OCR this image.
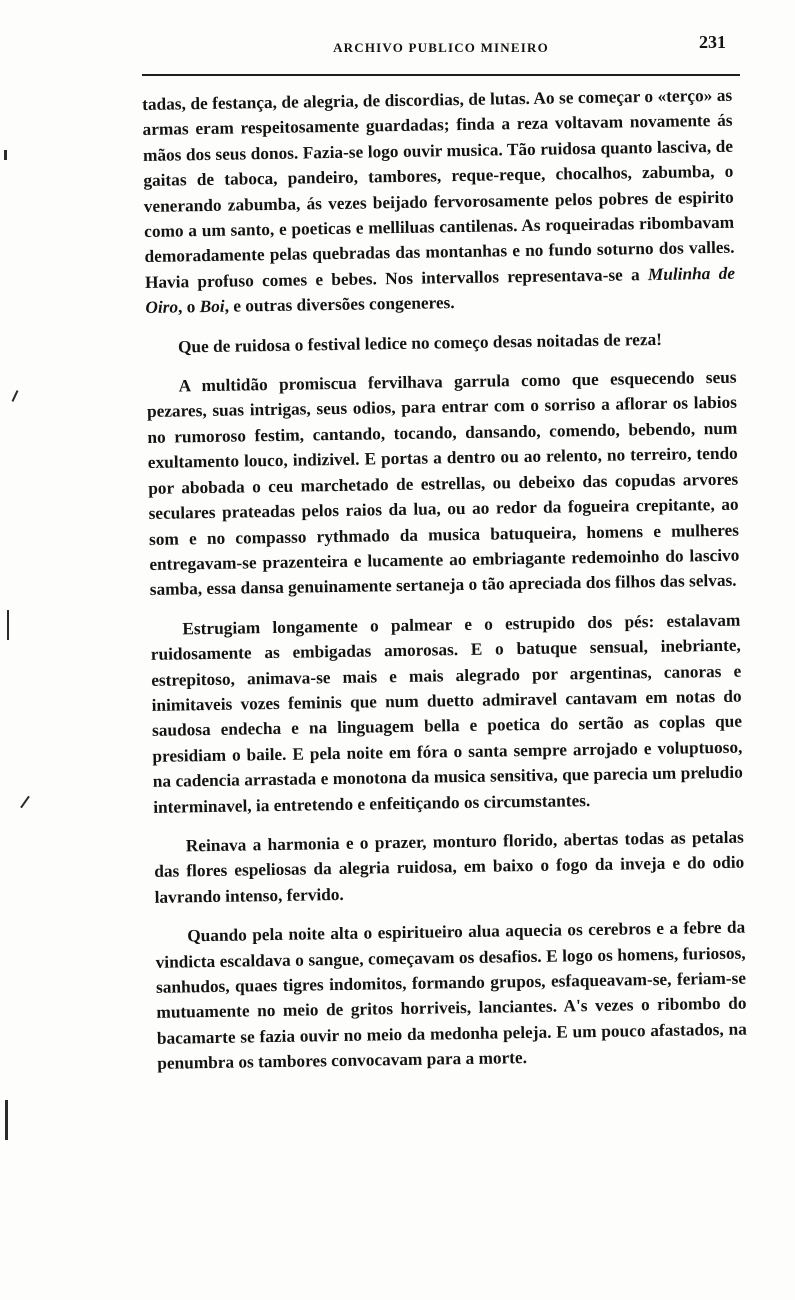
ARCHIVO PUBLICO MINEIRO	231

tadas, de festança, de alegria, de discordias, de lutas. Ao se começar o «terço» as armas eram respeitosamente guardadas; finda a reza voltavam novamente ás mãos dos seus donos. Fazia-se logo ouvir musica. Tão ruidosa quanto lasciva, de gaitas de taboca, pandeiro, tambores, reque-reque, chocalhos, zabumba, o venerando zabumba, ás vezes beijado fervorosamente pelos pobres de espirito como a um santo, e poeticas e melliluas cantilenas. As roqueiradas ribombavam demoradamente pelas quebradas das montanhas e no fundo soturno dos valles. Havia profuso comes e bebes. Nos intervallos representava-se a Mulinha de Oiro, o Boi, e outras diversões congeneres.

Que de ruidosa o festival ledice no começo desas noitadas de reza!

A multidão promiscua fervilhava garrula como que esquecendo seus pezares, suas intrigas, seus odios, para entrar com o sorriso a aflorar os labios no rumoroso festim, cantando, tocando, dansando, comendo, bebendo, num exultamento louco, indizivel. E portas a dentro ou ao relento, no terreiro, tendo por abobada o ceu marchetado de estrellas, ou debeixo das copudas arvores seculares prateadas pelos raios da lua, ou ao redor da fogueira crepitante, ao som e no compasso rythmado da musica batuqueira, homens e mulheres entregavam-se prazenteira e lucamente ao embriagante redemoinho do lascivo samba, essa dansa genuinamente sertaneja o tão apreciada dos filhos das selvas.

Estrugiam longamente o palmear e o estrupido dos pés: estalavam ruidosamente as embigadas amorosas. E o batuque sensual, inebriante, estrepitoso, animava-se mais e mais alegrado por argentinas, canoras e inimitaveis vozes feminis que num duetto admiravel cantavam em notas do saudosa endecha e na linguagem bella e poetica do sertão as coplas que presidiam o baile. E pela noite em fóra o santa sempre arrojado e voluptuoso, na cadencia arrastada e monotona da musica sensitiva, que parecia um preludio interminavel, ia entretendo e enfeitiçando os circumstantes.

Reinava a harmonia e o prazer, monturo florido, abertas todas as petalas das flores espeliosas da alegria ruidosa, em baixo o fogo da inveja e do odio lavrando intenso, fervido.

Quando pela noite alta o espiritueiro alua aquecia os cerebros e a febre da vindicta escaldava o sangue, começavam os desafios. E logo os homens, furiosos, sanhudos, quaes tigres indomitos, formando grupos, esfaqueavam-se, feriam-se mutuamente no meio de gritos horriveis, lanciantes. A's vezes o ribombo do bacamarte se fazia ouvir no meio da medonha peleja. E um pouco afastados, na penumbra os tambores convocavam para a morte.
